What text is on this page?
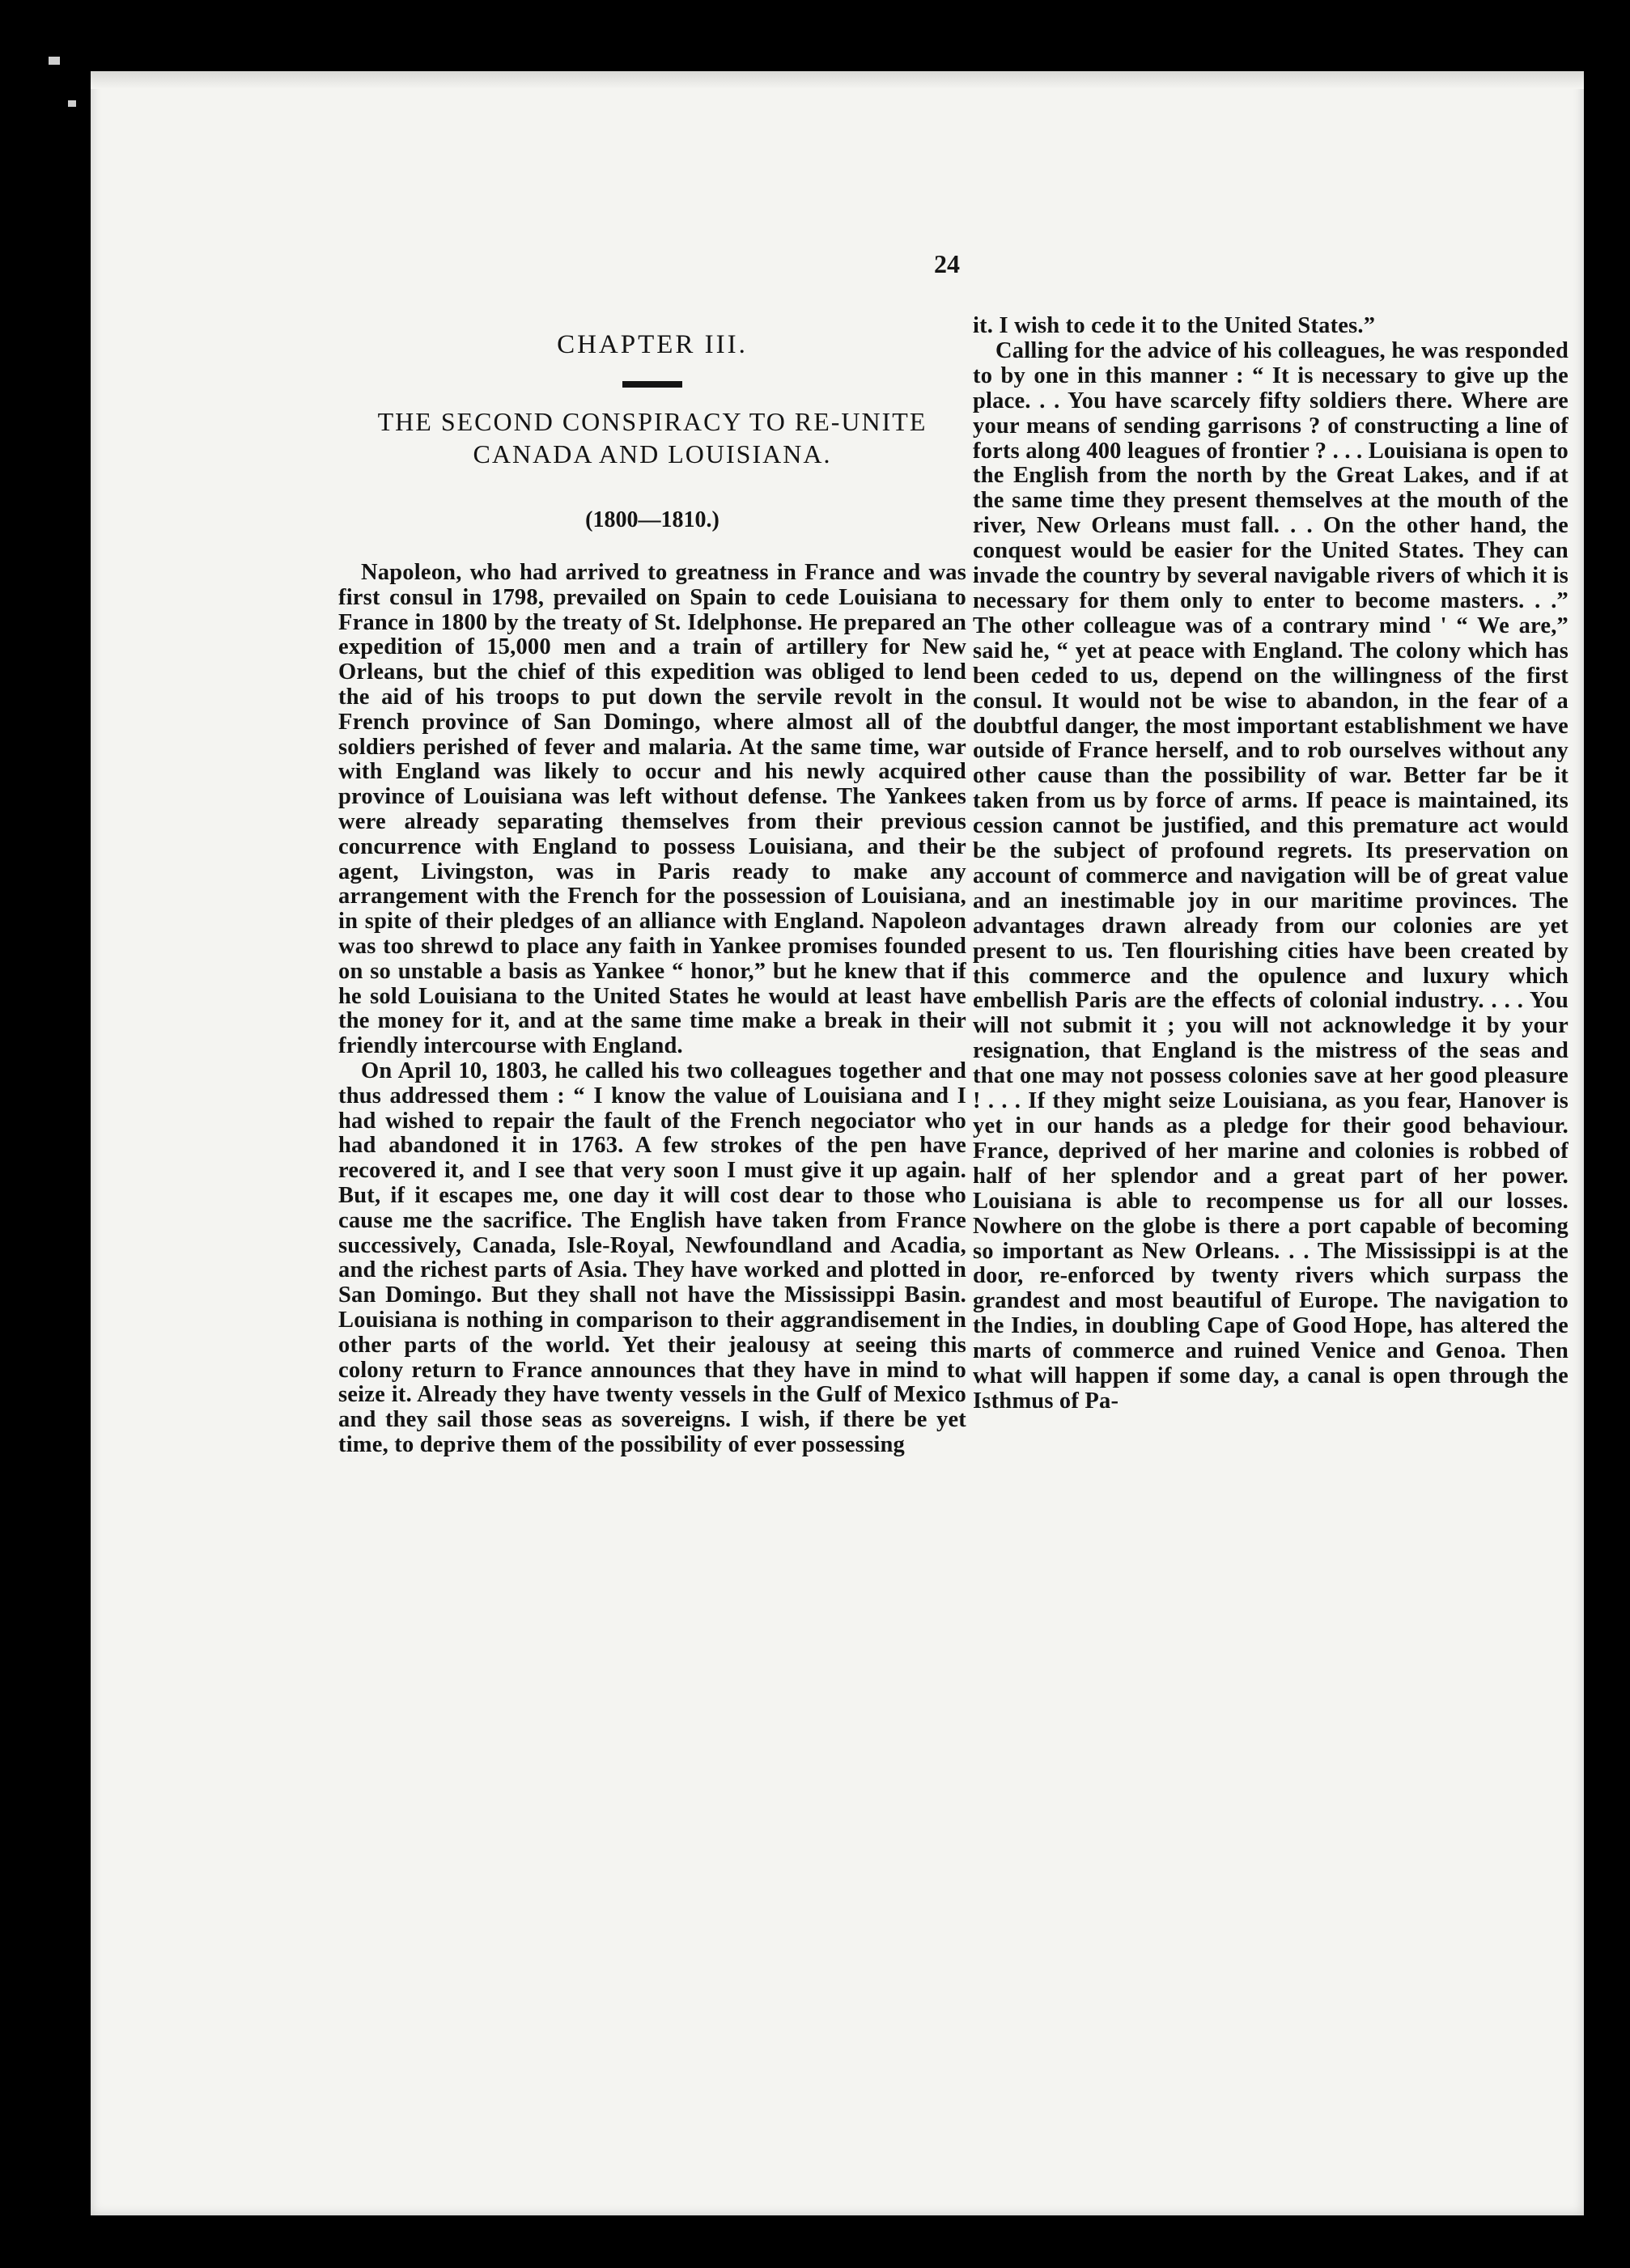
24
CHAPTER III.
THE SECOND CONSPIRACY TO RE-UNITE CANADA AND LOUISIANA.
(1800—1810.)

Napoleon, who had arrived to greatness in France and was first consul in 1798, prevailed on Spain to cede Louisiana to France in 1800 by the treaty of St. Idelphonse. He prepared an expedition of 15,000 men and a train of artillery for New Orleans, but the chief of this expedition was obliged to lend the aid of his troops to put down the servile revolt in the French province of San Domingo, where almost all of the soldiers perished of fever and malaria. At the same time, war with England was likely to occur and his newly acquired province of Louisiana was left without defense. The Yankees were already separating themselves from their previous concurrence with England to possess Louisiana, and their agent, Livingston, was in Paris ready to make any arrangement with the French for the possession of Louisiana, in spite of their pledges of an alliance with England. Napoleon was too shrewd to place any faith in Yankee promises founded on so unstable a basis as Yankee “ honor,” but he knew that if he sold Louisiana to the United States he would at least have the money for it, and at the same time make a break in their friendly intercourse with England.

On April 10, 1803, he called his two colleagues together and thus addressed them : “ I know the value of Louisiana and I had wished to repair the fault of the French negociator who had abandoned it in 1763. A few strokes of the pen have recovered it, and I see that very soon I must give it up again. But, if it escapes me, one day it will cost dear to those who cause me the sacrifice. The English have taken from France successively, Canada, Isle-Royal, Newfoundland and Acadia, and the richest parts of Asia. They have worked and plotted in San Domingo. But they shall not have the Mississippi Basin. Louisiana is nothing in comparison to their aggrandisement in other parts of the world. Yet their jealousy at seeing this colony return to France announces that they have in mind to seize it. Already they have twenty vessels in the Gulf of Mexico and they sail those seas as sovereigns. I wish, if there be yet time, to deprive them of the possibility of ever possessing

it. I wish to cede it to the United States.”

Calling for the advice of his colleagues, he was responded to by one in this manner : “ It is necessary to give up the place. . . You have scarcely fifty soldiers there. Where are your means of sending garrisons ? of constructing a line of forts along 400 leagues of frontier ? . . . Louisiana is open to the English from the north by the Great Lakes, and if at the same time they present themselves at the mouth of the river, New Orleans must fall. . . On the other hand, the conquest would be easier for the United States. They can invade the country by several navigable rivers of which it is necessary for them only to enter to become masters. . .” The other colleague was of a contrary mind ' “ We are,” said he, “ yet at peace with England. The colony which has been ceded to us, depend on the willingness of the first consul. It would not be wise to abandon, in the fear of a doubtful danger, the most important establishment we have outside of France herself, and to rob ourselves without any other cause than the possibility of war. Better far be it taken from us by force of arms. If peace is maintained, its cession cannot be justified, and this premature act would be the subject of profound regrets. Its preservation on account of commerce and navigation will be of great value and an inestimable joy in our maritime provinces. The advantages drawn already from our colonies are yet present to us. Ten flourishing cities have been created by this commerce and the opulence and luxury which embellish Paris are the effects of colonial industry. . . . You will not submit it ; you will not acknowledge it by your resignation, that England is the mistress of the seas and that one may not possess colonies save at her good pleasure ! . . . If they might seize Louisiana, as you fear, Hanover is yet in our hands as a pledge for their good behaviour. France, deprived of her marine and colonies is robbed of half of her splendor and a great part of her power. Louisiana is able to recompense us for all our losses. Nowhere on the globe is there a port capable of becoming so important as New Orleans. . . The Mississippi is at the door, re-enforced by twenty rivers which surpass the grandest and most beautiful of Europe. The navigation to the Indies, in doubling Cape of Good Hope, has altered the marts of commerce and ruined Venice and Genoa. Then what will happen if some day, a canal is open through the Isthmus of Pa-
